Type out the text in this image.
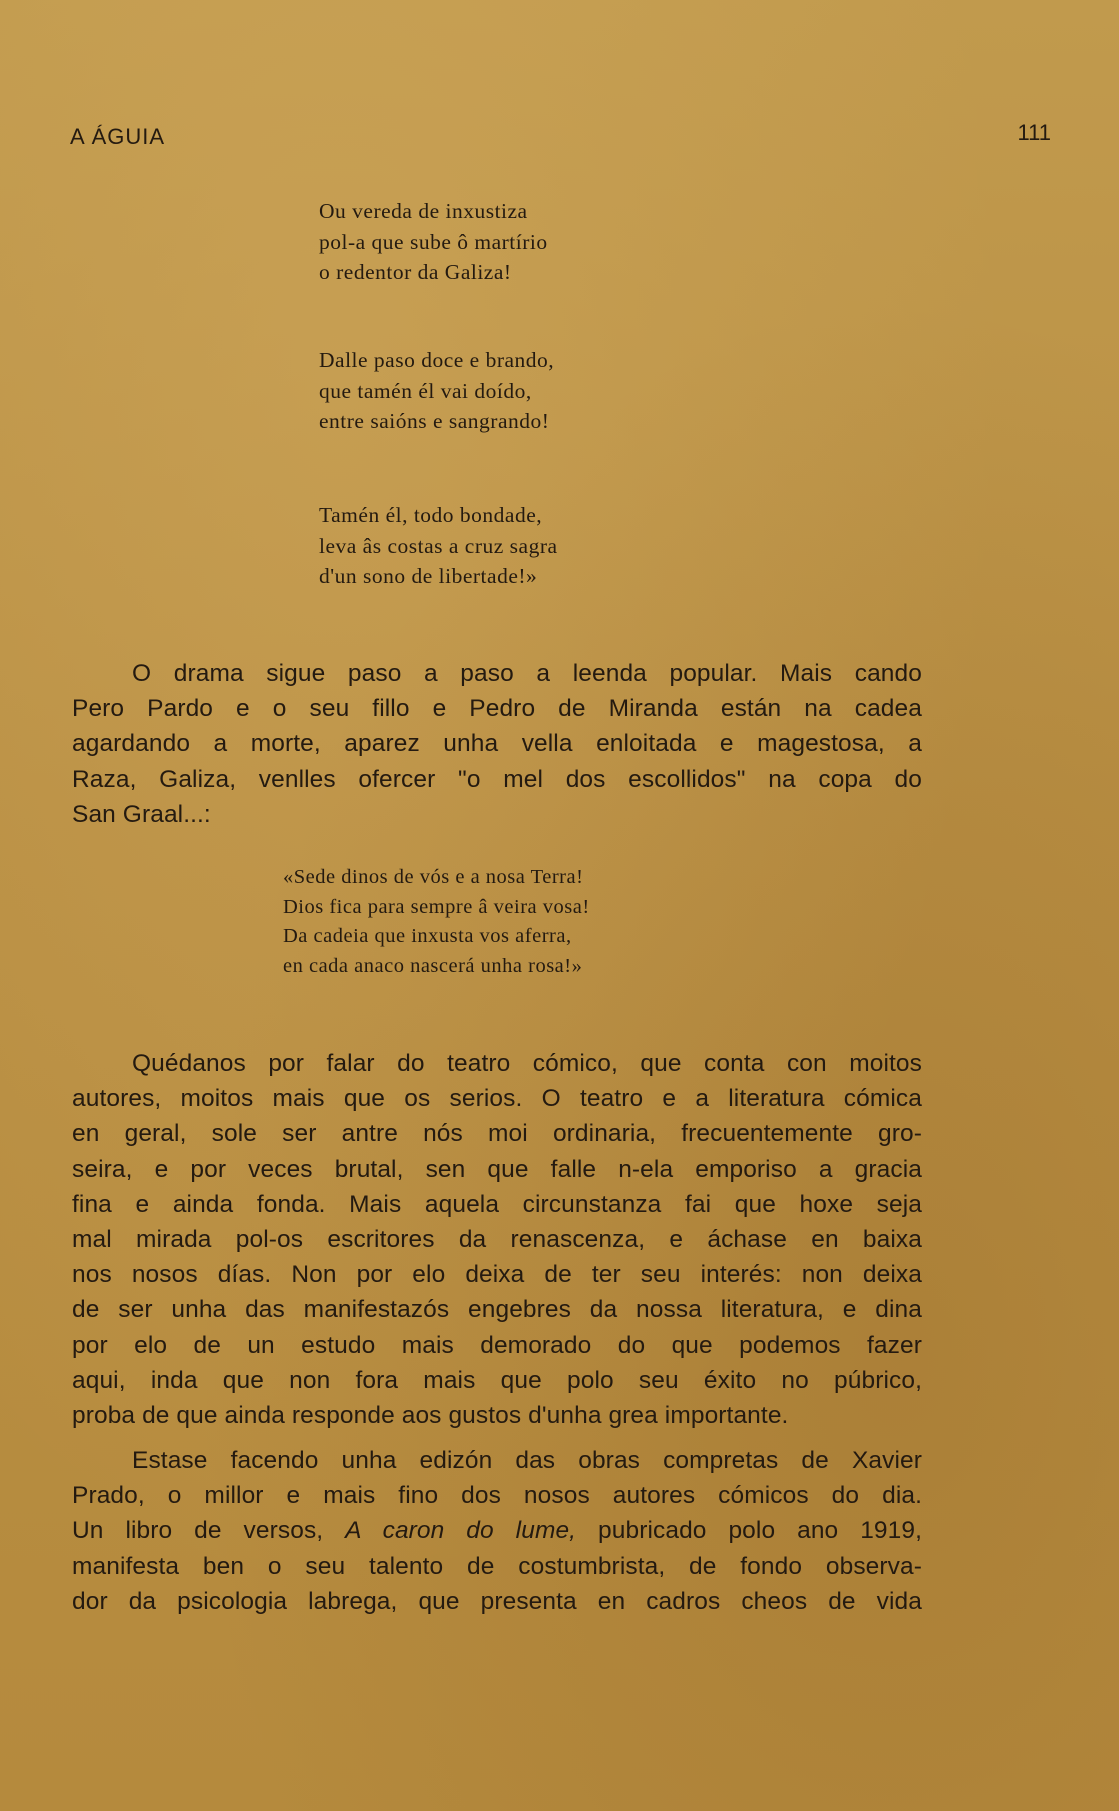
A ÁGUIA	111
Ou vereda de inxustiza
pol-a que sube ô martírio
o redentor da Galiza!
Dalle paso doce e brando,
que tamén él vai doído,
entre saións e sangrando!
Tamén él, todo bondade,
leva âs costas a cruz sagra
d'un sono de libertade!»
O drama sigue paso a paso a leenda popular. Mais cando
Pero Pardo e o seu fillo e Pedro de Miranda están na cadea
agardando a morte, aparez unha vella enloitada e magestosa, a
Raza, Galiza, venlles ofercer "o mel dos escollidos" na copa do
San Graal...:
«Sede dinos de vós e a nosa Terra!
Dios fica para sempre â veira vosa!
Da cadeia que inxusta vos aferra,
en cada anaco nascerá unha rosa!»
Quédanos por falar do teatro cómico, que conta con moitos
autores, moitos mais que os serios. O teatro e a literatura cómica
en geral, sole ser antre nós moi ordinaria, frecuentemente gro-
seira, e por veces brutal, sen que falle n-ela emporiso a gracia
fina e ainda fonda. Mais aquela circunstanza fai que hoxe seja
mal mirada pol-os escritores da renascenza, e áchase en baixa
nos nosos días. Non por elo deixa de ter seu interés: non deixa
de ser unha das manifestazós engebres da nossa literatura, e dina
por elo de un estudo mais demorado do que podemos fazer
aqui, inda que non fora mais que polo seu éxito no púbrico,
proba de que ainda responde aos gustos d'unha grea importante.
Estase facendo unha edizón das obras compretas de Xavier
Prado, o millor e mais fino dos nosos autores cómicos do dia.
Un libro de versos, A caron do lume, pubricado polo ano 1919,
manifesta ben o seu talento de costumbrista, de fondo observa-
dor da psicologia labrega, que presenta en cadros cheos de vida
